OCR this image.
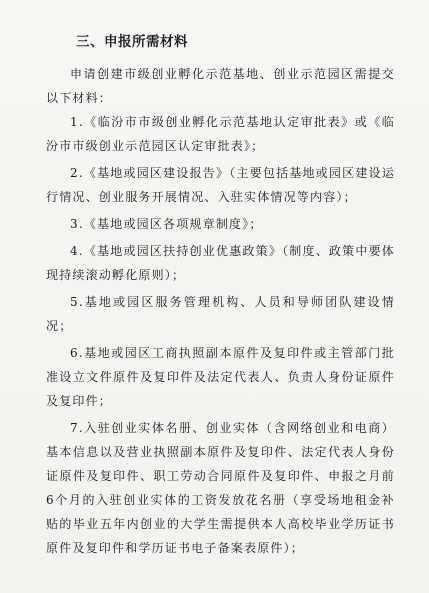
三、申报所需材料

申请创建市级创业孵化示范基地、创业示范园区需提交以下材料：

1.《临汾市市级创业孵化示范基地认定审批表》或《临汾市市级创业示范园区认定审批表》；

2.《基地或园区建设报告》（主要包括基地或园区建设运行情况、创业服务开展情况、入驻实体情况等内容）；

3.《基地或园区各项规章制度》；

4.《基地或园区扶持创业优惠政策》（制度、政策中要体现持续滚动孵化原则）；

5.基地或园区服务管理机构、人员和导师团队建设情况；

6.基地或园区工商执照副本原件及复印件或主管部门批准设立文件原件及复印件及法定代表人、负责人身份证原件及复印件；

7.入驻创业实体名册、创业实体（含网络创业和电商）基本信息以及营业执照副本原件及复印件、法定代表人身份证原件及复印件、职工劳动合同原件及复印件、申报之月前6个月的入驻创业实体的工资发放花名册（享受场地租金补贴的毕业五年内创业的大学生需提供本人高校毕业学历证书原件及复印件和学历证书电子备案表原件）；
